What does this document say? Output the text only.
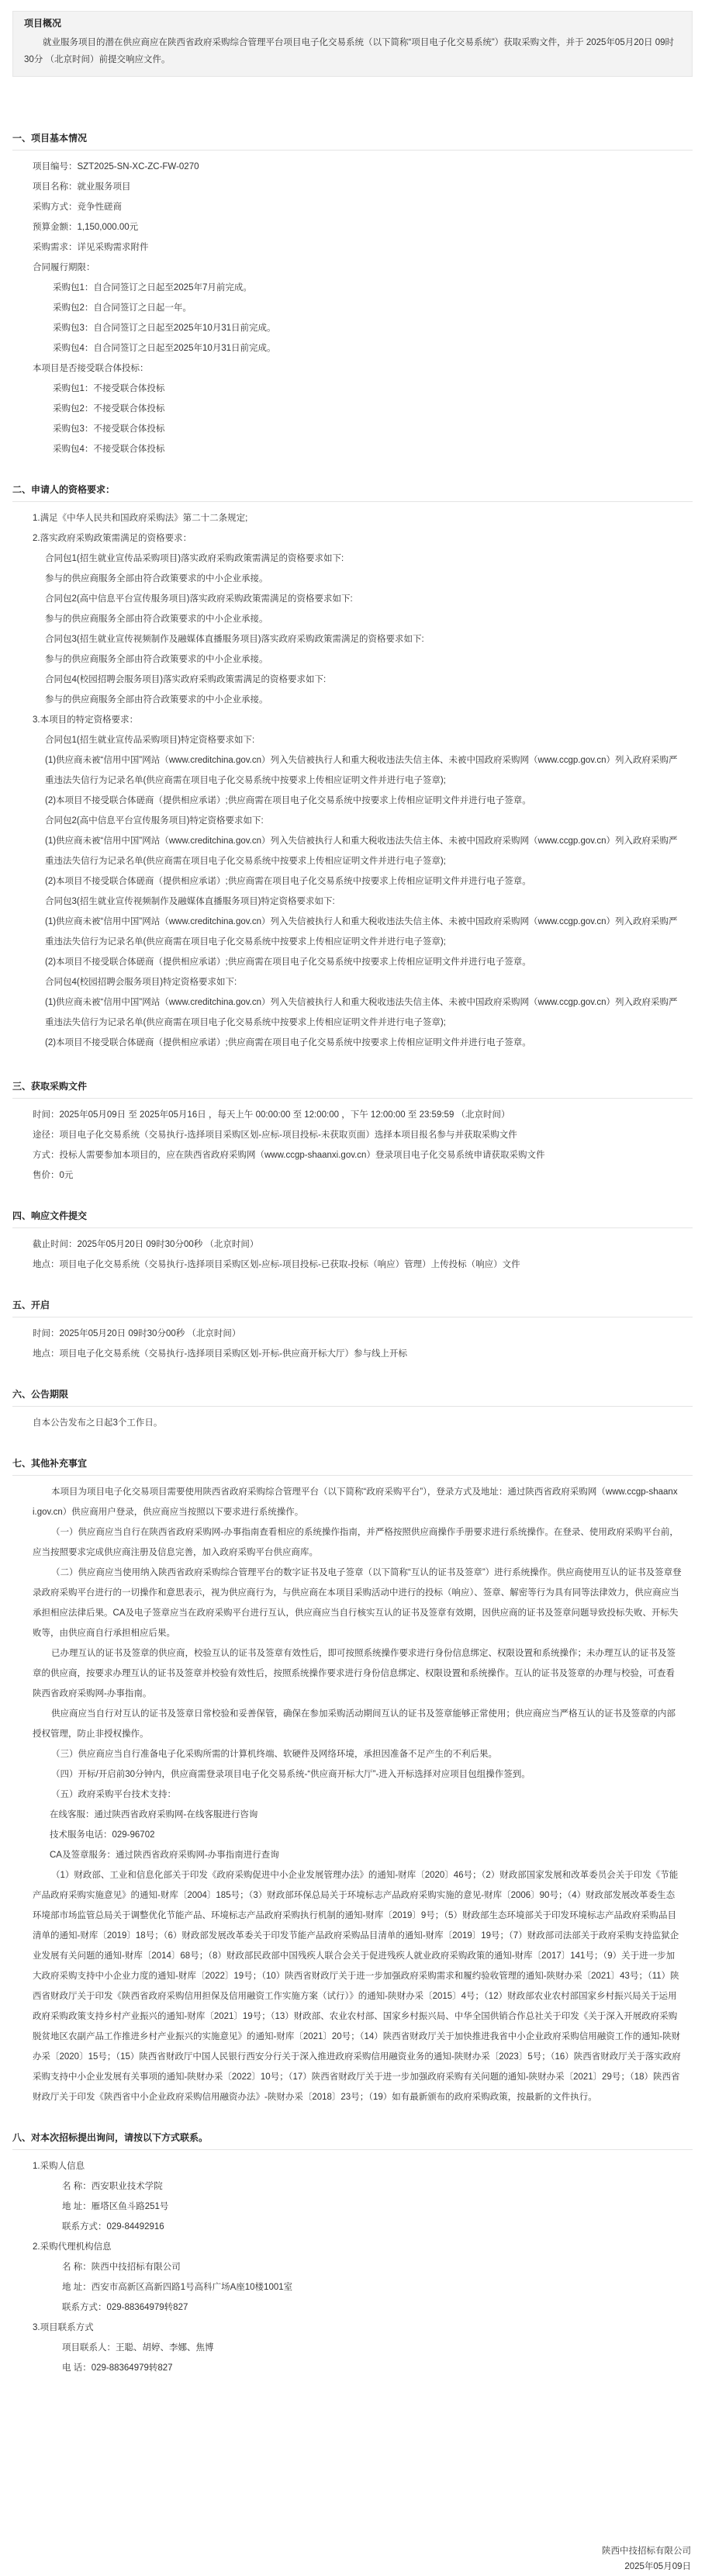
项目概况
就业服务项目的潜在供应商应在陕西省政府采购综合管理平台项目电子化交易系统（以下简称“项目电子化交易系统”）获取采购文件，并于 2025年05月20日 09时30分 （北京时间）前提交响应文件。
一、项目基本情况
项目编号：SZT2025-SN-XC-ZC-FW-0270
项目名称：就业服务项目
采购方式：竞争性磋商
预算金额：1,150,000.00元
采购需求：详见采购需求附件
合同履行期限：
采购包1：自合同签订之日起至2025年7月前完成。
采购包2：自合同签订之日起一年。
采购包3：自合同签订之日起至2025年10月31日前完成。
采购包4：自合同签订之日起至2025年10月31日前完成。
本项目是否接受联合体投标：
采购包1：不接受联合体投标
采购包2：不接受联合体投标
采购包3：不接受联合体投标
采购包4：不接受联合体投标
二、申请人的资格要求：
1.满足《中华人民共和国政府采购法》第二十二条规定;
2.落实政府采购政策需满足的资格要求：
合同包1(招生就业宣传品采购项目)落实政府采购政策需满足的资格要求如下:
参与的供应商服务全部由符合政策要求的中小企业承接。
合同包2(高中信息平台宣传服务项目)落实政府采购政策需满足的资格要求如下:
参与的供应商服务全部由符合政策要求的中小企业承接。
合同包3(招生就业宣传视频制作及融媒体直播服务项目)落实政府采购政策需满足的资格要求如下:
参与的供应商服务全部由符合政策要求的中小企业承接。
合同包4(校园招聘会服务项目)落实政府采购政策需满足的资格要求如下:
参与的供应商服务全部由符合政策要求的中小企业承接。
3.本项目的特定资格要求：
合同包1(招生就业宣传品采购项目)特定资格要求如下:
(1)供应商未被“信用中国”网站（www.creditchina.gov.cn）列入失信被执行人和重大税收违法失信主体、未被中国政府采购网（www.ccgp.gov.cn）列入政府采购严重违法失信行为记录名单(供应商需在项目电子化交易系统中按要求上传相应证明文件并进行电子签章);
(2)本项目不接受联合体磋商（提供相应承诺）;供应商需在项目电子化交易系统中按要求上传相应证明文件并进行电子签章。
合同包2(高中信息平台宣传服务项目)特定资格要求如下:
(1)供应商未被“信用中国”网站（www.creditchina.gov.cn）列入失信被执行人和重大税收违法失信主体、未被中国政府采购网（www.ccgp.gov.cn）列入政府采购严重违法失信行为记录名单(供应商需在项目电子化交易系统中按要求上传相应证明文件并进行电子签章);
(2)本项目不接受联合体磋商（提供相应承诺）;供应商需在项目电子化交易系统中按要求上传相应证明文件并进行电子签章。
合同包3(招生就业宣传视频制作及融媒体直播服务项目)特定资格要求如下:
(1)供应商未被“信用中国”网站（www.creditchina.gov.cn）列入失信被执行人和重大税收违法失信主体、未被中国政府采购网（www.ccgp.gov.cn）列入政府采购严重违法失信行为记录名单(供应商需在项目电子化交易系统中按要求上传相应证明文件并进行电子签章);
(2)本项目不接受联合体磋商（提供相应承诺）;供应商需在项目电子化交易系统中按要求上传相应证明文件并进行电子签章。
合同包4(校园招聘会服务项目)特定资格要求如下:
(1)供应商未被“信用中国”网站（www.creditchina.gov.cn）列入失信被执行人和重大税收违法失信主体、未被中国政府采购网（www.ccgp.gov.cn）列入政府采购严重违法失信行为记录名单(供应商需在项目电子化交易系统中按要求上传相应证明文件并进行电子签章);
(2)本项目不接受联合体磋商（提供相应承诺）;供应商需在项目电子化交易系统中按要求上传相应证明文件并进行电子签章。
三、获取采购文件
时间：2025年05月09日 至 2025年05月16日 ，每天上午 00:00:00 至 12:00:00 ，下午 12:00:00 至 23:59:59 （北京时间）
途径：项目电子化交易系统（交易执行-选择项目采购区划-应标-项目投标-未获取页面）选择本项目报名参与并获取采购文件
方式：投标人需要参加本项目的，应在陕西省政府采购网（www.ccgp-shaanxi.gov.cn）登录项目电子化交易系统申请获取采购文件
售价：0元
四、响应文件提交
截止时间：2025年05月20日 09时30分00秒 （北京时间）
地点：项目电子化交易系统（交易执行-选择项目采购区划-应标-项目投标-已获取-投标（响应）管理）上传投标（响应）文件
五、开启
时间：2025年05月20日 09时30分00秒 （北京时间）
地点：项目电子化交易系统（交易执行-选择项目采购区划-开标-供应商开标大厅）参与线上开标
六、公告期限
自本公告发布之日起3个工作日。
七、其他补充事宜
本项目为项目电子化交易项目需要使用陕西省政府采购综合管理平台（以下简称“政府采购平台”），登录方式及地址：通过陕西省政府采购网（www.ccgp-shaanxi.gov.cn）供应商用户登录，供应商应当按照以下要求进行系统操作。
（一）供应商应当自行在陕西省政府采购网-办事指南查看相应的系统操作指南，并严格按照供应商操作手册要求进行系统操作。在登录、使用政府采购平台前，应当按照要求完成供应商注册及信息完善，加入政府采购平台供应商库。
（二）供应商应当使用纳入陕西省政府采购综合管理平台的数字证书及电子签章（以下简称“互认的证书及签章”）进行系统操作。供应商使用互认的证书及签章登录政府采购平台进行的一切操作和意思表示，视为供应商行为，与供应商在本项目采购活动中进行的投标（响应）、签章、解密等行为具有同等法律效力，供应商应当承担相应法律后果。CA及电子签章应当在政府采购平台进行互认，供应商应当自行核实互认的证书及签章有效期，因供应商的证书及签章问题导致投标失败、开标失败等，由供应商自行承担相应后果。
已办理互认的证书及签章的供应商，校验互认的证书及签章有效性后，即可按照系统操作要求进行身份信息绑定、权限设置和系统操作；未办理互认的证书及签章的供应商，按要求办理互认的证书及签章并校验有效性后，按照系统操作要求进行身份信息绑定、权限设置和系统操作。互认的证书及签章的办理与校验，可查看陕西省政府采购网-办事指南。
供应商应当自行对互认的证书及签章日常校验和妥善保管，确保在参加采购活动期间互认的证书及签章能够正常使用；供应商应当严格互认的证书及签章的内部授权管理，防止非授权操作。
（三）供应商应当自行准备电子化采购所需的计算机终端、软硬件及网络环境，承担因准备不足产生的不利后果。
（四）开标/开启前30分钟内，供应商需登录项目电子化交易系统-“供应商开标大厅”-进入开标选择对应项目包组操作签到。
（五）政府采购平台技术支持：
在线客服：通过陕西省政府采购网-在线客服进行咨询
技术服务电话：029-96702
CA及签章服务：通过陕西省政府采购网-办事指南进行查询
（1）财政部、工业和信息化部关于印发《政府采购促进中小企业发展管理办法》的通知-财库〔2020〕46号；（2）财政部国家发展和改革委员会关于印发《节能产品政府采购实施意见》的通知-财库〔2004〕185号；（3）财政部环保总局关于环境标志产品政府采购实施的意见-财库〔2006〕90号；（4）财政部发展改革委生态环境部市场监管总局关于调整优化节能产品、环境标志产品政府采购执行机制的通知-财库〔2019〕9号；（5）财政部生态环境部关于印发环境标志产品政府采购品目清单的通知-财库〔2019〕18号；（6）财政部发展改革委关于印发节能产品政府采购品目清单的通知-财库〔2019〕19号；（7）财政部司法部关于政府采购支持监狱企业发展有关问题的通知-财库〔2014〕68号；（8）财政部民政部中国残疾人联合会关于促进残疾人就业政府采购政策的通知-财库〔2017〕141号；（9）关于进一步加大政府采购支持中小企业力度的通知-财库〔2022〕19号；（10）陕西省财政厅关于进一步加强政府采购需求和履约验收管理的通知-陕财办采〔2021〕43号；（11）陕西省财政厅关于印发《陕西省政府采购信用担保及信用融资工作实施方案（试行）》的通知-陕财办采〔2015〕4号；（12）财政部农业农村部国家乡村振兴局关于运用政府采购政策支持乡村产业振兴的通知-财库〔2021〕19号；（13）财政部、农业农村部、国家乡村振兴局、中华全国供销合作总社关于印发《关于深入开展政府采购脱贫地区农副产品工作推进乡村产业振兴的实施意见》的通知-财库〔2021〕20号；（14）陕西省财政厅关于加快推进我省中小企业政府采购信用融资工作的通知-陕财办采〔2020〕15号；（15）陕西省财政厅中国人民银行西安分行关于深入推进政府采购信用融资业务的通知-陕财办采〔2023〕5号；（16）陕西省财政厅关于落实政府采购支持中小企业发展有关事项的通知-陕财办采〔2022〕10号；（17）陕西省财政厅关于进一步加强政府采购有关问题的通知-陕财办采〔2021〕29号；（18）陕西省财政厅关于印发《陕西省中小企业政府采购信用融资办法》-陕财办采〔2018〕23号；（19）如有最新颁布的政府采购政策，按最新的文件执行。
八、对本次招标提出询问，请按以下方式联系。
1.采购人信息
名 称：西安职业技术学院
地 址：雁塔区鱼斗路251号
联系方式：029-84492916
2.采购代理机构信息
名 称：陕西中技招标有限公司
地 址：西安市高新区高新四路1号高科广场A座10楼1001室
联系方式：029-88364979转827
3.项目联系方式
项目联系人：王聪、胡婷、李娜、焦博
电 话：029-88364979转827
陕西中技招标有限公司
2025年05月09日
